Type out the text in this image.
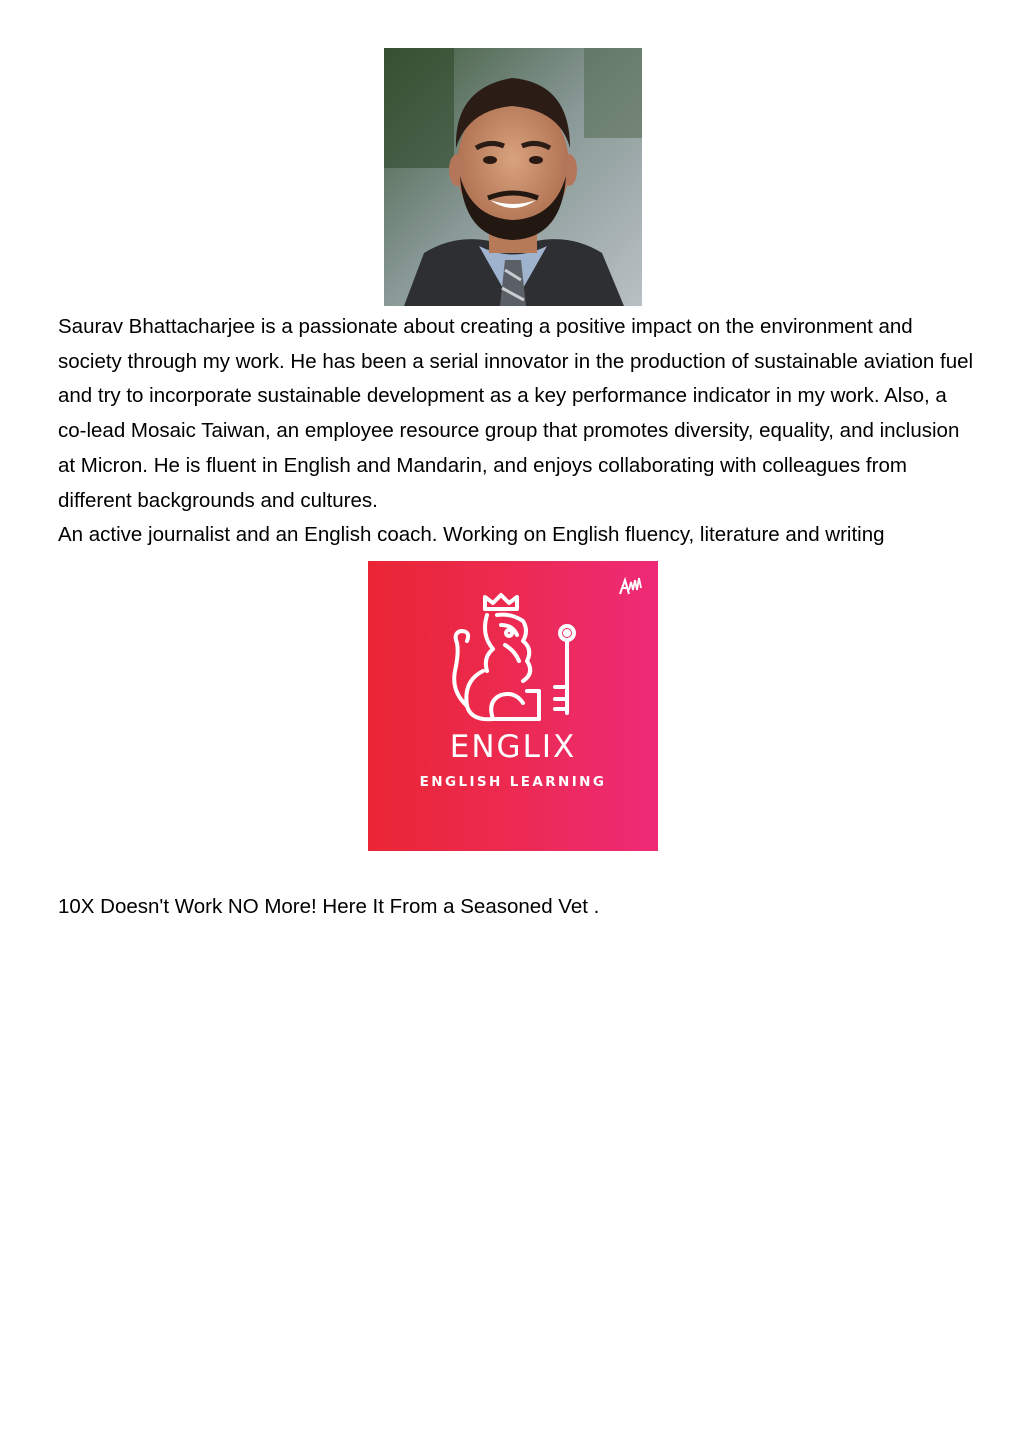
Saurav Bhattacharjee is a passionate about creating a positive impact on the environment and society through my work. He has been a serial innovator in the production of sustainable aviation fuel and try to incorporate sustainable development as a key performance indicator in my work. Also, a co-lead Mosaic Taiwan, an employee resource group that promotes diversity, equality, and inclusion at Micron. He is fluent in English and Mandarin, and enjoys collaborating with colleagues from different backgrounds and cultures.

An active journalist and an English coach. Working on English fluency, literature and writing

ENGLIX
ENGLISH LEARNING

10X Doesn't Work NO More! Here It From a Seasoned Vet .
